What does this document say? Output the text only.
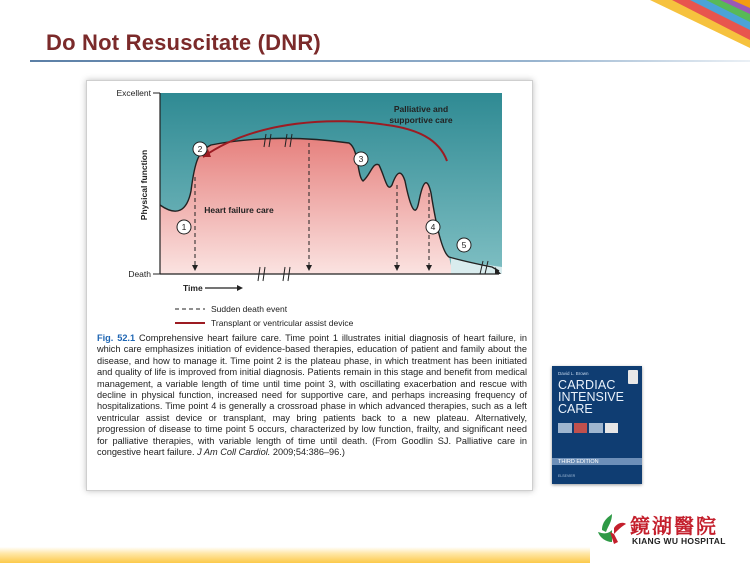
Do Not Resuscitate (DNR)
Excellent
Death
Time
Physical function	Heart failure care
Palliative and
supportive care
1
2
3
4
5
Sudden death event
Transplant or ventricular assist device
Fig. 52.1 Comprehensive heart failure care. Time point 1 illustrates initial diagnosis of heart failure, in which care emphasizes initiation of evidence-based therapies, education of patient and family about the disease, and how to manage it. Time point 2 is the plateau phase, in which treatment has been initiated and quality of life is improved from initial diagnosis. Patients remain in this stage and benefit from medical management, a variable length of time until time point 3, with oscillating exacerbation and rescue with decline in physical function, increased need for supportive care, and perhaps increasing frequency of hospitalizations. Time point 4 is generally a crossroad phase in which advanced therapies, such as a left ventricular assist device or transplant, may bring patients back to a new plateau. Alternatively, progression of disease to time point 5 occurs, characterized by low function, frailty, and significant need for palliative therapies, with variable length of time until death. (From Goodlin SJ. Palliative care in congestive heart failure. J Am Coll Cardiol. 2009;54:386–96.)
David L. Brown
CARDIAC
INTENSIVE
CARE
THIRD EDITION
ELSEVIER
鏡湖醫院
KIANG WU HOSPITAL
